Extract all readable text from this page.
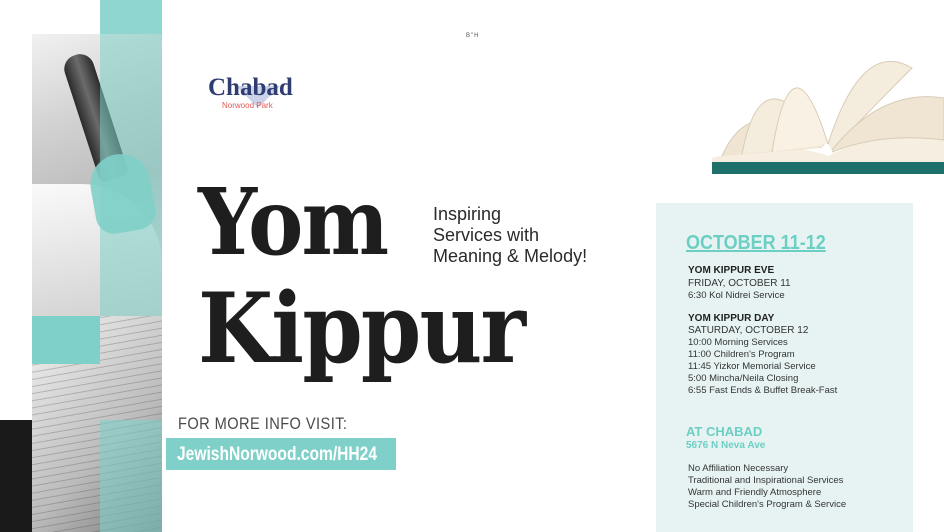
B"H
Chabad
Norwood Park
Yom
Kippur
Inspiring
Services with
Meaning & Melody!
FOR MORE INFO VISIT:
JewishNorwood.com/HH24
OCTOBER 11-12
YOM KIPPUR EVE
FRIDAY, OCTOBER 11
6:30 Kol Nidrei Service
YOM KIPPUR DAY
SATURDAY, OCTOBER 12
10:00 Morning Services
11:00 Children's Program
11:45 Yizkor Memorial Service
5:00 Mincha/Neila Closing
6:55 Fast Ends & Buffet Break-Fast
AT CHABAD
5676 N Neva Ave
No Affiliation Necessary
Traditional and Inspirational Services
Warm and Friendly Atmosphere
Special Children's Program & Service
